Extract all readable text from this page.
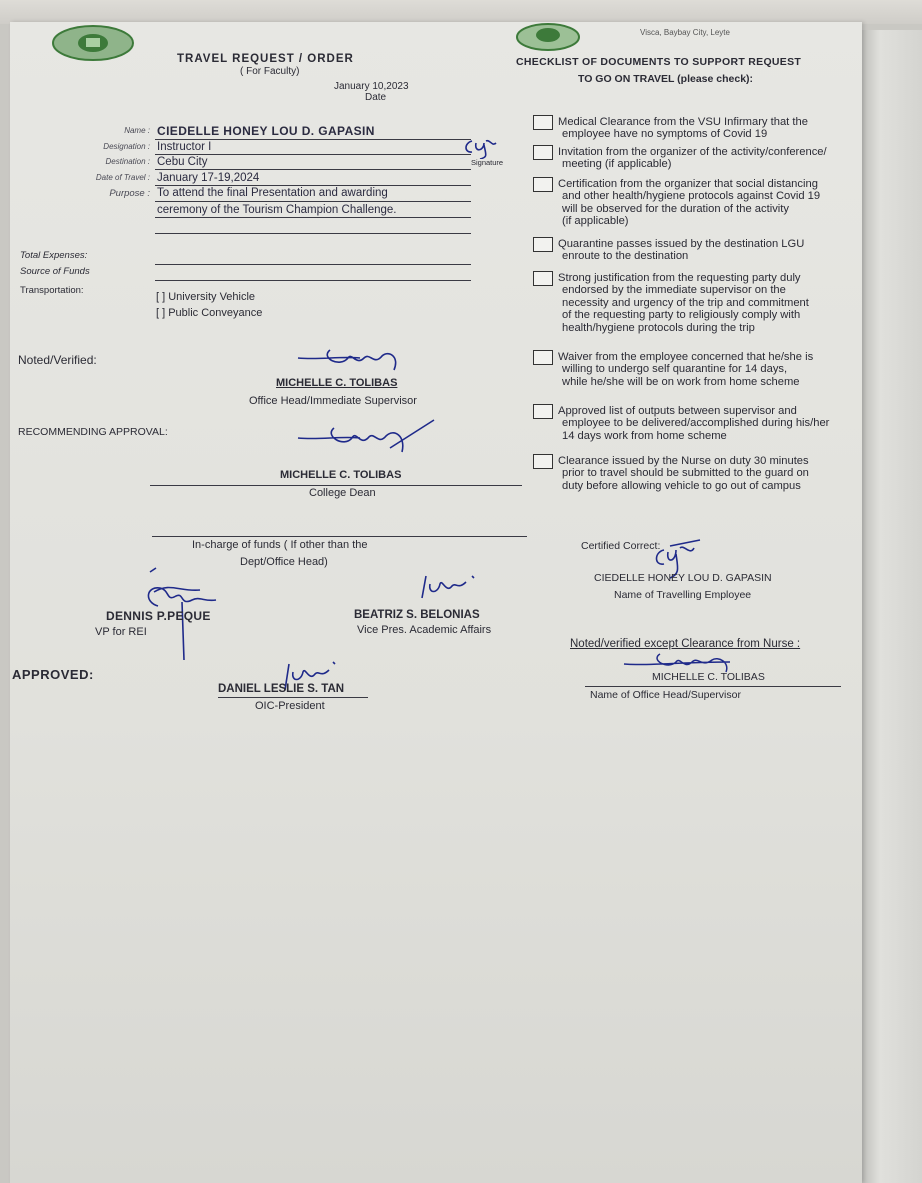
Visca, Baybay City, Leyte
TRAVEL REQUEST / ORDER
( For Faculty)
January 10,2023
Date
CHECKLIST OF DOCUMENTS TO SUPPORT REQUEST
TO GO ON TRAVEL (please check):
Name : CIEDELLE HONEY LOU D. GAPASIN
Designation : Instructor I
Destination : Cebu City	Signature
Date of Travel : January 17-19,2024
Purpose : To attend the final Presentation and awarding
ceremony of the Tourism Champion Challenge.
Total Expenses:
Source of Funds
Transportation:
[ ] University Vehicle
[ ] Public Conveyance
Medical Clearance from the VSU Infirmary that the
employee have no symptoms of Covid 19
Invitation from the organizer of the activity/conference/
meeting (if applicable)
Certification from the organizer that social distancing
and other health/hygiene protocols against Covid 19
will be observed for the duration of the activity
(if applicable)
Quarantine passes issued by the destination LGU
enroute to the destination
Strong justification from the requesting party duly
endorsed by the immediate supervisor on the
necessity and urgency of the trip and commitment
of the requesting party to religiously comply with
health/hygiene protocols during the trip
Waiver from the employee concerned that he/she is
willing to undergo self quarantine for 14 days,
while he/she will be on work from home scheme
Approved list of outputs between supervisor and
employee to be delivered/accomplished during his/her
14 days work from home scheme
Clearance issued by the Nurse on duty 30 minutes
prior to travel should be submitted to the guard on
duty before allowing vehicle to go out of campus
Noted/Verified:
MICHELLE C. TOLIBAS
Office Head/Immediate Supervisor
RECOMMENDING APPROVAL:
MICHELLE C. TOLIBAS
College Dean
In-charge of funds ( If other than the
Dept/Office Head)
DENNIS P.PEQUE
VP for REI
BEATRIZ S. BELONIAS
Vice Pres. Academic Affairs
APPROVED:
DANIEL LESLIE S. TAN
OIC-President
Certified Correct:
CIEDELLE HONEY LOU D. GAPASIN
Name of Travelling Employee
Noted/verified except Clearance from Nurse :
MICHELLE C. TOLIBAS
Name of Office Head/Supervisor
